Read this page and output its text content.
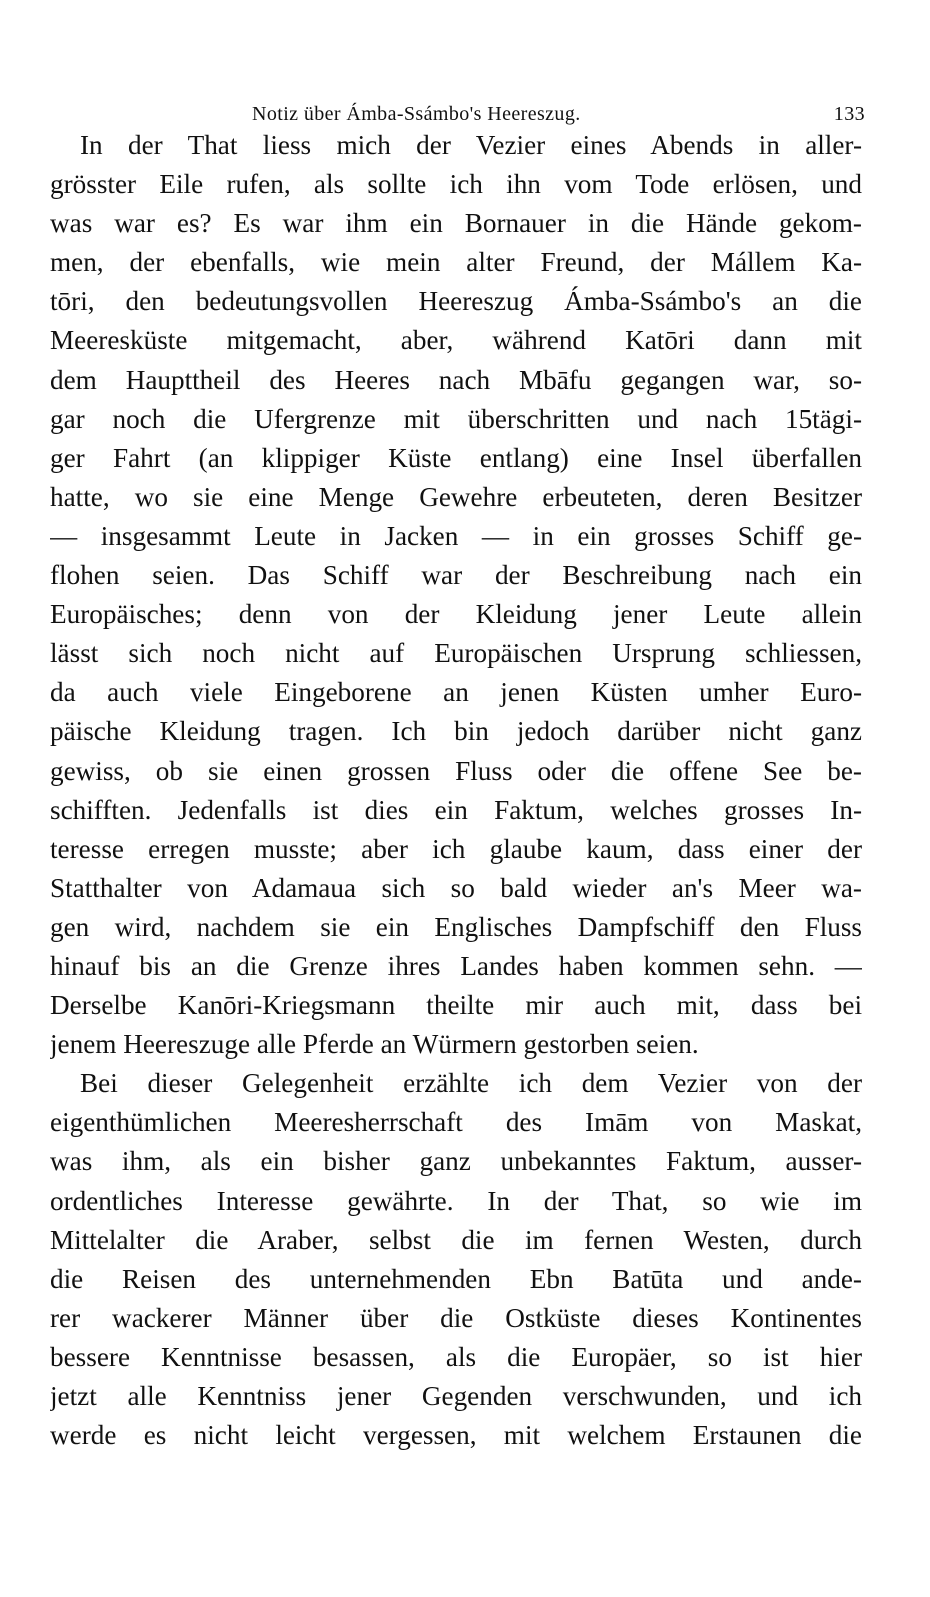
Notiz über Ámba-Ssámbo's Heereszug.	133
In der That liess mich der Vezier eines Abends in aller-
grösster Eile rufen, als sollte ich ihn vom Tode erlösen, und
was war es? Es war ihm ein Bornauer in die Hände gekom-
men, der ebenfalls, wie mein alter Freund, der Mállem Ka-
tōri, den bedeutungsvollen Heereszug Ámba-Ssámbo's an die
Meeresküste mitgemacht, aber, während Katōri dann mit
dem Haupttheil des Heeres nach Mbāfu gegangen war, so-
gar noch die Ufergrenze mit überschritten und nach 15tägi-
ger Fahrt (an klippiger Küste entlang) eine Insel überfallen
hatte, wo sie eine Menge Gewehre erbeuteten, deren Besitzer
— insgesammt Leute in Jacken — in ein grosses Schiff ge-
flohen seien. Das Schiff war der Beschreibung nach ein
Europäisches; denn von der Kleidung jener Leute allein
lässt sich noch nicht auf Europäischen Ursprung schliessen,
da auch viele Eingeborene an jenen Küsten umher Euro-
päische Kleidung tragen. Ich bin jedoch darüber nicht ganz
gewiss, ob sie einen grossen Fluss oder die offene See be-
schifften. Jedenfalls ist dies ein Faktum, welches grosses In-
teresse erregen musste; aber ich glaube kaum, dass einer der
Statthalter von Adamaua sich so bald wieder an's Meer wa-
gen wird, nachdem sie ein Englisches Dampfschiff den Fluss
hinauf bis an die Grenze ihres Landes haben kommen sehn. —
Derselbe Kanōri-Kriegsmann theilte mir auch mit, dass bei
jenem Heereszuge alle Pferde an Würmern gestorben seien.
Bei dieser Gelegenheit erzählte ich dem Vezier von der
eigenthümlichen Meeresherrschaft des Imām von Maskat,
was ihm, als ein bisher ganz unbekanntes Faktum, ausser-
ordentliches Interesse gewährte. In der That, so wie im
Mittelalter die Araber, selbst die im fernen Westen, durch
die Reisen des unternehmenden Ebn Batūta und ande-
rer wackerer Männer über die Ostküste dieses Kontinentes
bessere Kenntnisse besassen, als die Europäer, so ist hier
jetzt alle Kenntniss jener Gegenden verschwunden, und ich
werde es nicht leicht vergessen, mit welchem Erstaunen die
